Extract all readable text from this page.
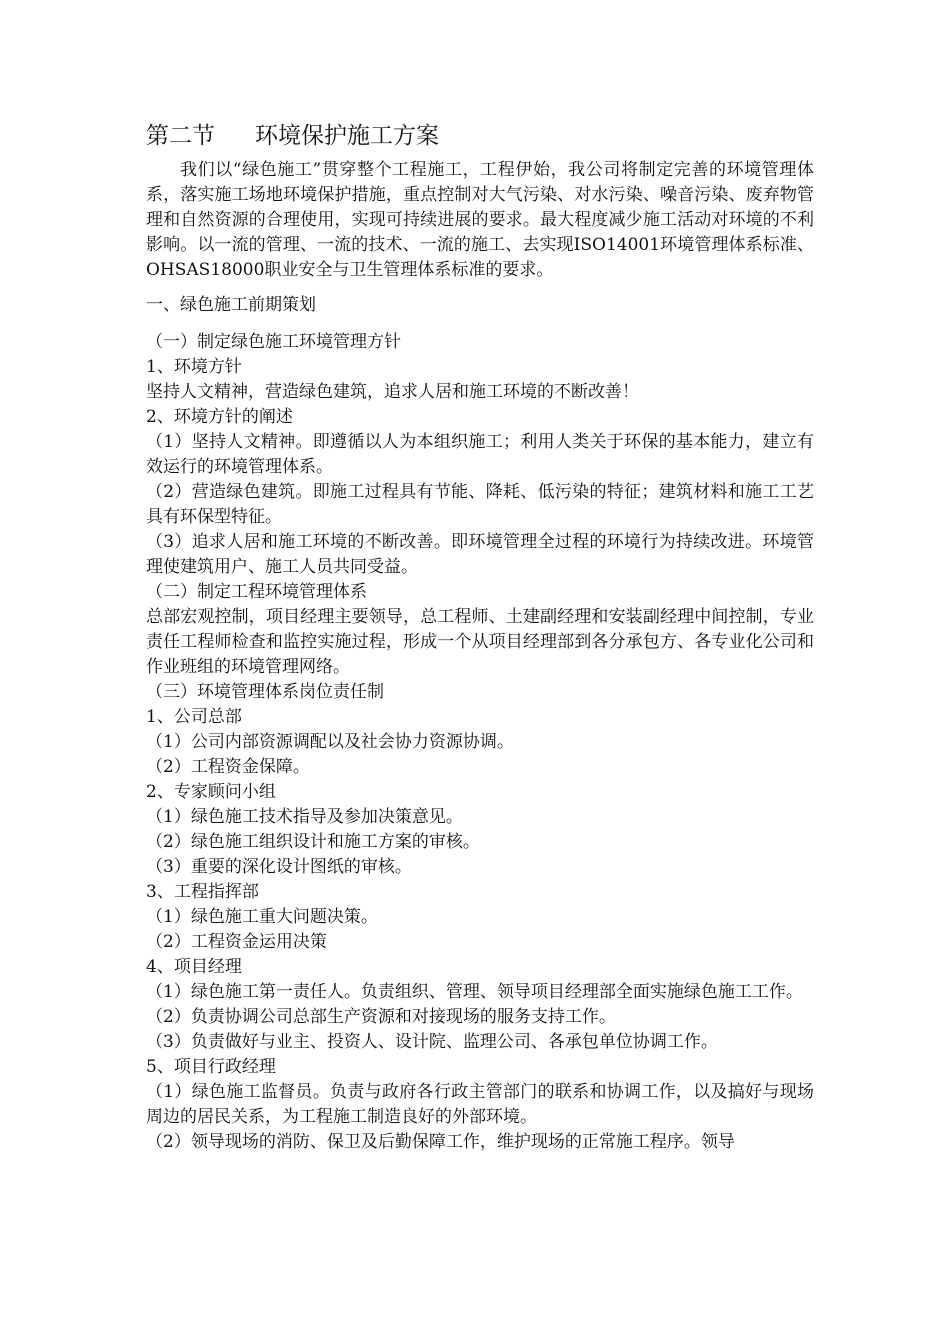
第二节 环境保护施工方案

我们以“绿色施工”贯穿整个工程施工，工程伊始，我公司将制定完善的环境管理体系，落实施工场地环境保护措施，重点控制对大气污染、对水污染、噪音污染、废弃物管理和自然资源的合理使用，实现可持续进展的要求。最大程度减少施工活动对环境的不利影响。以一流的管理、一流的技术、一流的施工、去实现ISO14001环境管理体系标准、OHSAS18000职业安全与卫生管理体系标准的要求。

一、绿色施工前期策划

（一）制定绿色施工环境管理方针

1、环境方针

坚持人文精神，营造绿色建筑，追求人居和施工环境的不断改善！

2、环境方针的阐述

（1）坚持人文精神。即遵循以人为本组织施工；利用人类关于环保的基本能力，建立有效运行的环境管理体系。

（2）营造绿色建筑。即施工过程具有节能、降耗、低污染的特征；建筑材料和施工工艺具有环保型特征。

（3）追求人居和施工环境的不断改善。即环境管理全过程的环境行为持续改进。环境管理使建筑用户、施工人员共同受益。

（二）制定工程环境管理体系

总部宏观控制，项目经理主要领导，总工程师、土建副经理和安装副经理中间控制，专业责任工程师检查和监控实施过程，形成一个从项目经理部到各分承包方、各专业化公司和作业班组的环境管理网络。

（三）环境管理体系岗位责任制

1、公司总部

（1）公司内部资源调配以及社会协力资源协调。

（2）工程资金保障。

2、专家顾问小组

（1）绿色施工技术指导及参加决策意见。

（2）绿色施工组织设计和施工方案的审核。

（3）重要的深化设计图纸的审核。

3、工程指挥部

（1）绿色施工重大问题决策。

（2）工程资金运用决策

4、项目经理

（1）绿色施工第一责任人。负责组织、管理、领导项目经理部全面实施绿色施工工作。

（2）负责协调公司总部生产资源和对接现场的服务支持工作。

（3）负责做好与业主、投资人、设计院、监理公司、各承包单位协调工作。

5、项目行政经理

（1）绿色施工监督员。负责与政府各行政主管部门的联系和协调工作，以及搞好与现场周边的居民关系，为工程施工制造良好的外部环境。

（2）领导现场的消防、保卫及后勤保障工作，维护现场的正常施工程序。领导
